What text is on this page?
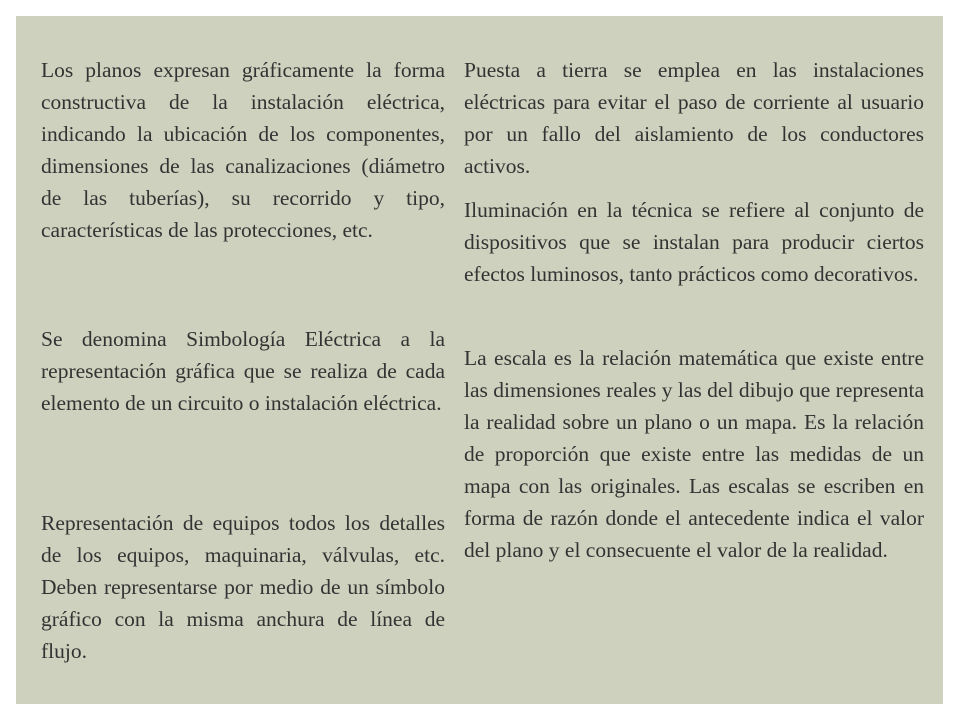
Los planos expresan gráficamente la forma constructiva de la instalación eléctrica, indicando la ubicación de los componentes, dimensiones de las canalizaciones (diámetro de las tuberías), su recorrido y tipo, características de las protecciones, etc.

Se denomina Simbología Eléctrica a la representación gráfica que se realiza de cada elemento de un circuito o instalación eléctrica.

Representación de equipos todos los detalles de los equipos, maquinaria, válvulas, etc. Deben representarse por medio de un símbolo gráfico con la misma anchura de línea de flujo.

Puesta a tierra se emplea en las instalaciones eléctricas para evitar el paso de corriente al usuario por un fallo del aislamiento de los conductores activos.

Iluminación en la técnica se refiere al conjunto de dispositivos que se instalan para producir ciertos efectos luminosos, tanto prácticos como decorativos.

La escala es la relación matemática que existe entre las dimensiones reales y las del dibujo que representa la realidad sobre un plano o un mapa. Es la relación de proporción que existe entre las medidas de un mapa con las originales. Las escalas se escriben en forma de razón donde el antecedente indica el valor del plano y el consecuente el valor de la realidad.
